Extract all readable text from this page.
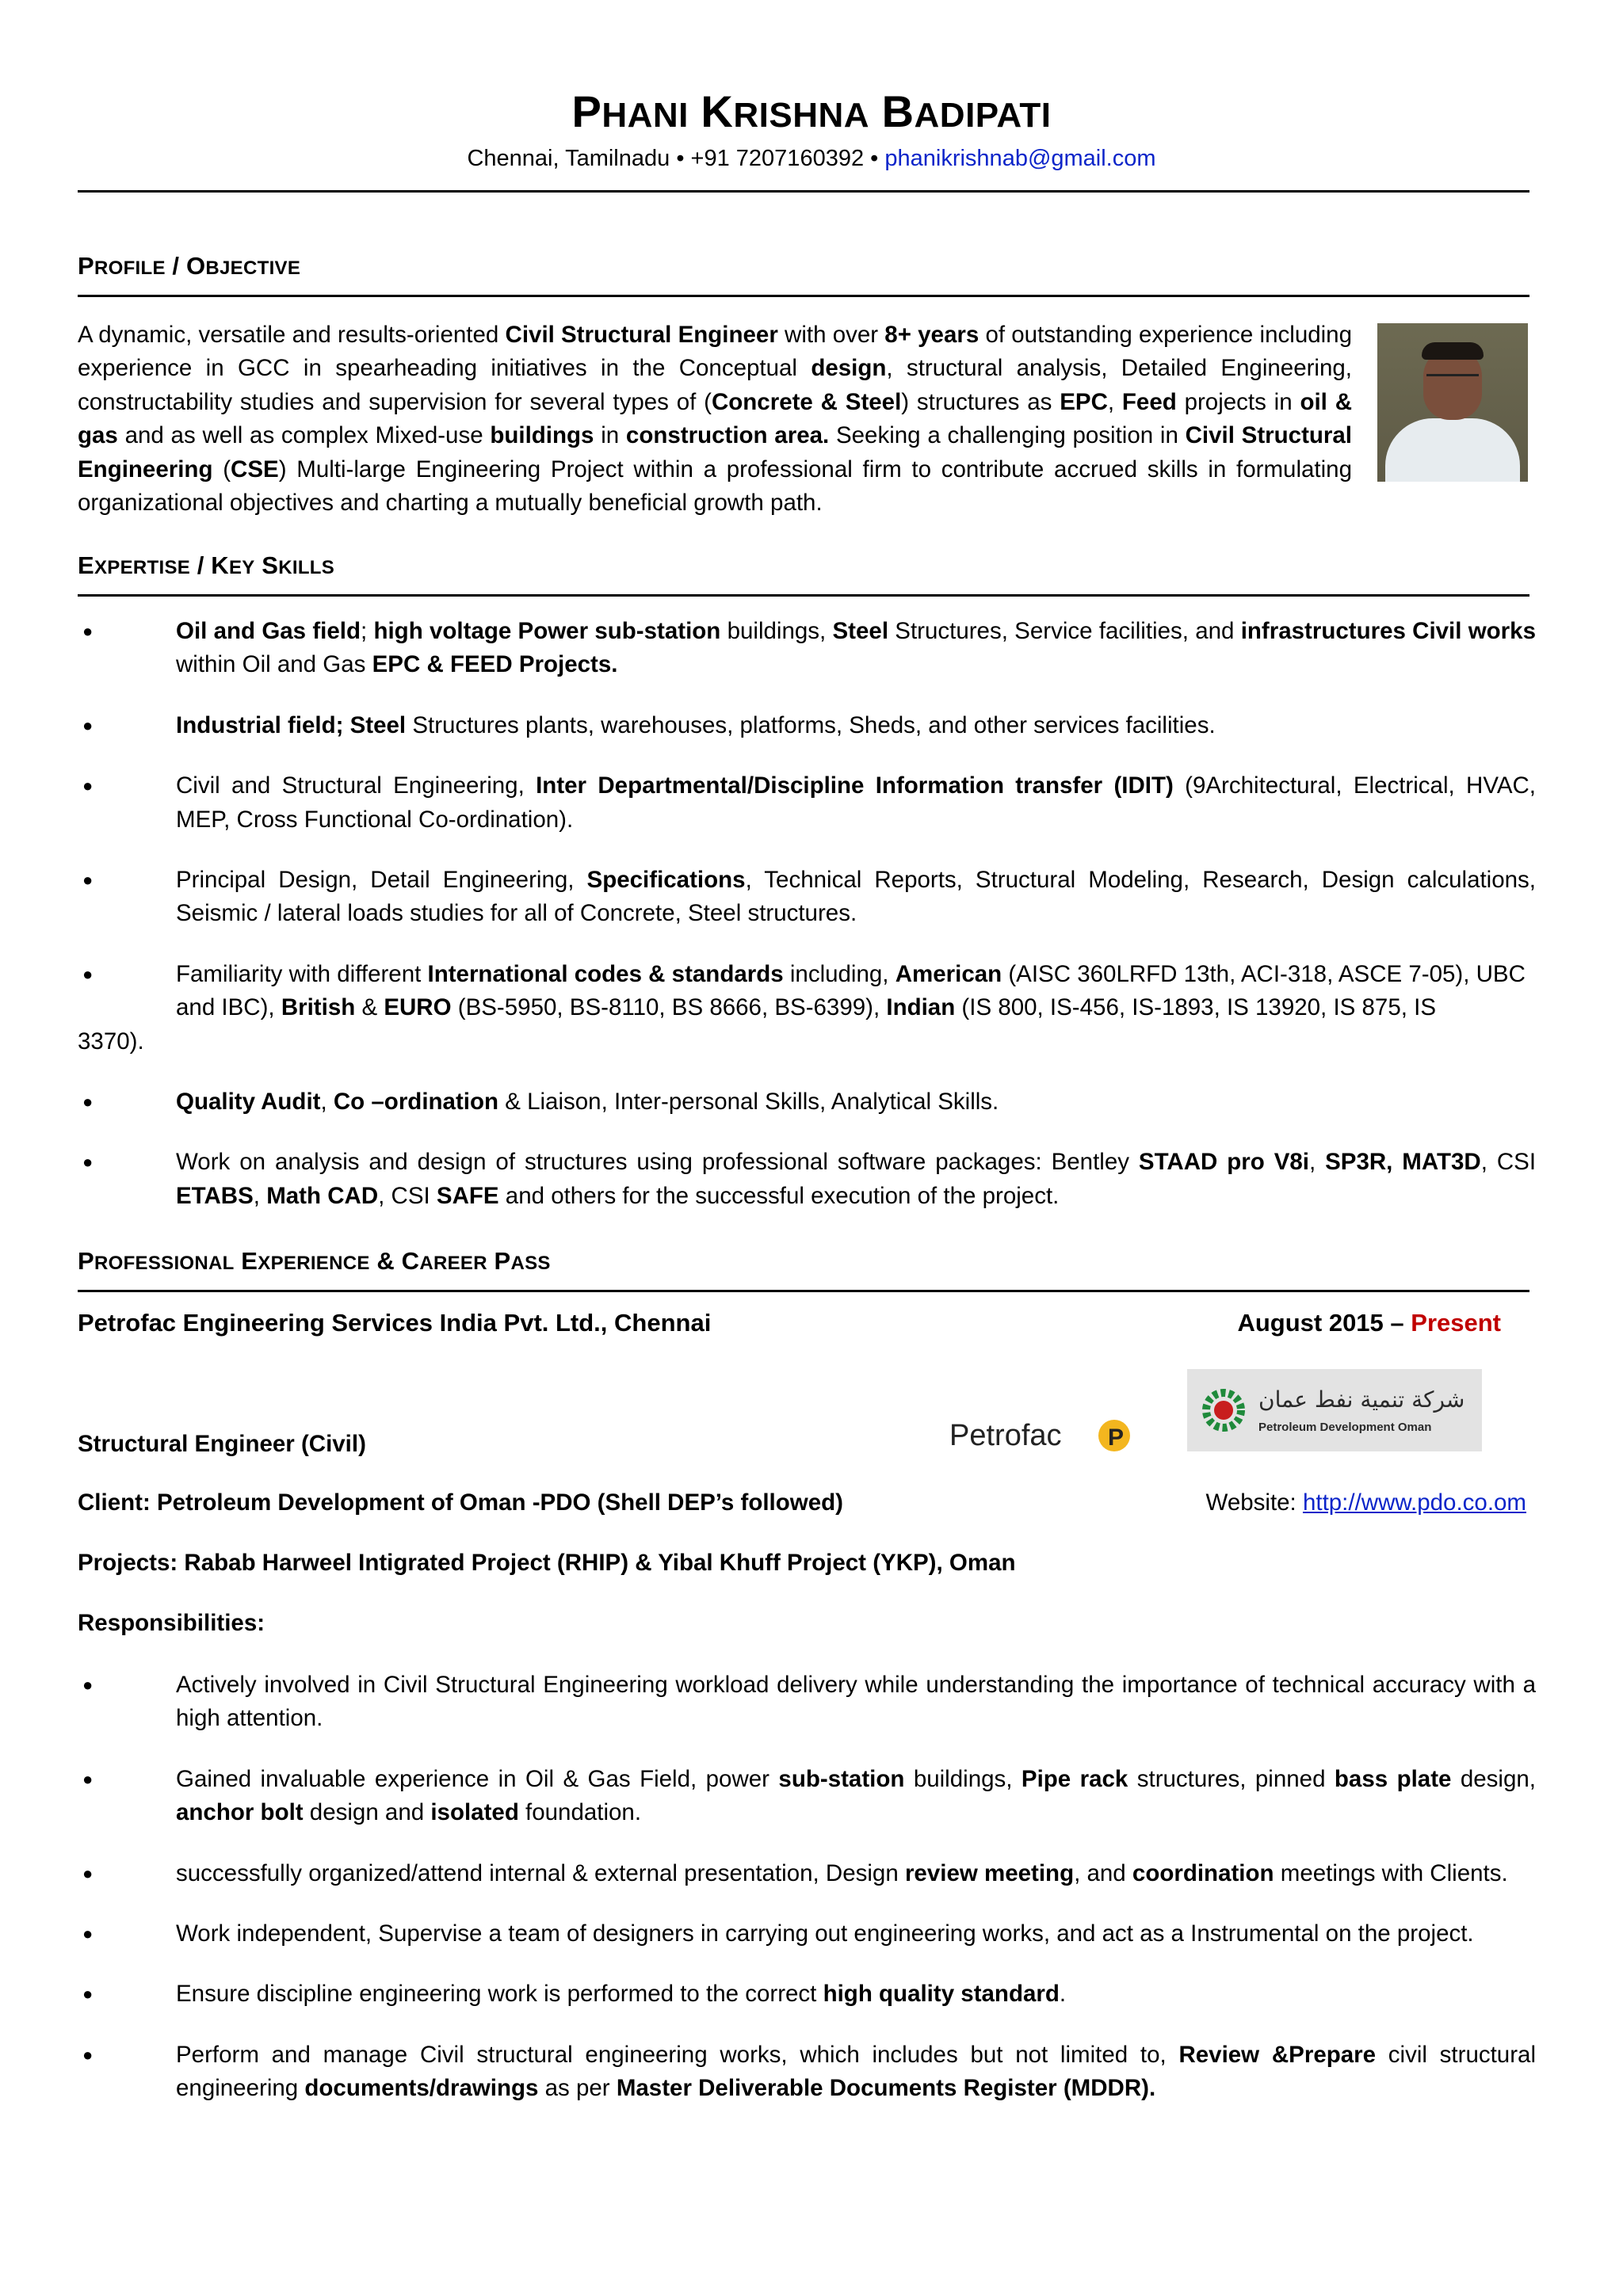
PHANI KRISHNA BADIPATI
Chennai, Tamilnadu • +91 7207160392 • phanikrishnab@gmail.com
PROFILE / OBJECTIVE
A dynamic, versatile and results-oriented Civil Structural Engineer with over 8+ years of outstanding experience including experience in GCC in spearheading initiatives in the Conceptual design, structural analysis, Detailed Engineering, constructability studies and supervision for several types of (Concrete & Steel) structures as EPC, Feed projects in oil & gas and as well as complex Mixed-use buildings in construction area. Seeking a challenging position in Civil Structural Engineering (CSE) Multi-large Engineering Project within a professional firm to contribute accrued skills in formulating organizational objectives and charting a mutually beneficial growth path.
EXPERTISE / KEY SKILLS
●	Oil and Gas field; high voltage Power sub-station buildings, Steel Structures, Service facilities, and infrastructures Civil works within Oil and Gas EPC & FEED Projects.
●	Industrial field; Steel Structures plants, warehouses, platforms, Sheds, and other services facilities.
●	Civil and Structural Engineering, Inter Departmental/Discipline Information transfer (IDIT) (9Architectural, Electrical, HVAC, MEP, Cross Functional Co-ordination).
●	Principal Design, Detail Engineering, Specifications, Technical Reports, Structural Modeling, Research, Design calculations, Seismic / lateral loads studies for all of Concrete, Steel structures.
●	Familiarity with different International codes & standards including, American (AISC 360LRFD 13th, ACI-318, ASCE 7-05), UBC and IBC), British & EURO (BS-5950, BS-8110, BS 8666, BS-6399), Indian (IS 800, IS-456, IS-1893, IS 13920, IS 875, IS
3370).
●	Quality Audit, Co –ordination & Liaison, Inter-personal Skills, Analytical Skills.
●	Work on analysis and design of structures using professional software packages: Bentley STAAD pro V8i, SP3R, MAT3D, CSI ETABS, Math CAD, CSI SAFE and others for the successful execution of the project.
PROFESSIONAL EXPERIENCE & CAREER PASS
Petrofac Engineering Services India Pvt. Ltd., Chennai	August 2015 – Present
Petrofac P
شركة تنمية نفط عمان
Petroleum Development Oman
Structural Engineer (Civil)
Client: Petroleum Development of Oman -PDO (Shell DEP’s followed)	Website: http://www.pdo.co.om
Projects: Rabab Harweel Intigrated Project (RHIP) & Yibal Khuff Project (YKP), Oman
Responsibilities:
●	Actively involved in Civil Structural Engineering workload delivery while understanding the importance of technical accuracy with a high attention.
●	Gained invaluable experience in Oil & Gas Field, power sub-station buildings, Pipe rack structures, pinned bass plate design, anchor bolt design and isolated foundation.
●	successfully organized/attend internal & external presentation, Design review meeting, and coordination meetings with Clients.
●	Work independent, Supervise a team of designers in carrying out engineering works, and act as a Instrumental on the project.
●	Ensure discipline engineering work is performed to the correct high quality standard.
●	Perform and manage Civil structural engineering works, which includes but not limited to, Review &Prepare civil structural engineering documents/drawings as per Master Deliverable Documents Register (MDDR).
